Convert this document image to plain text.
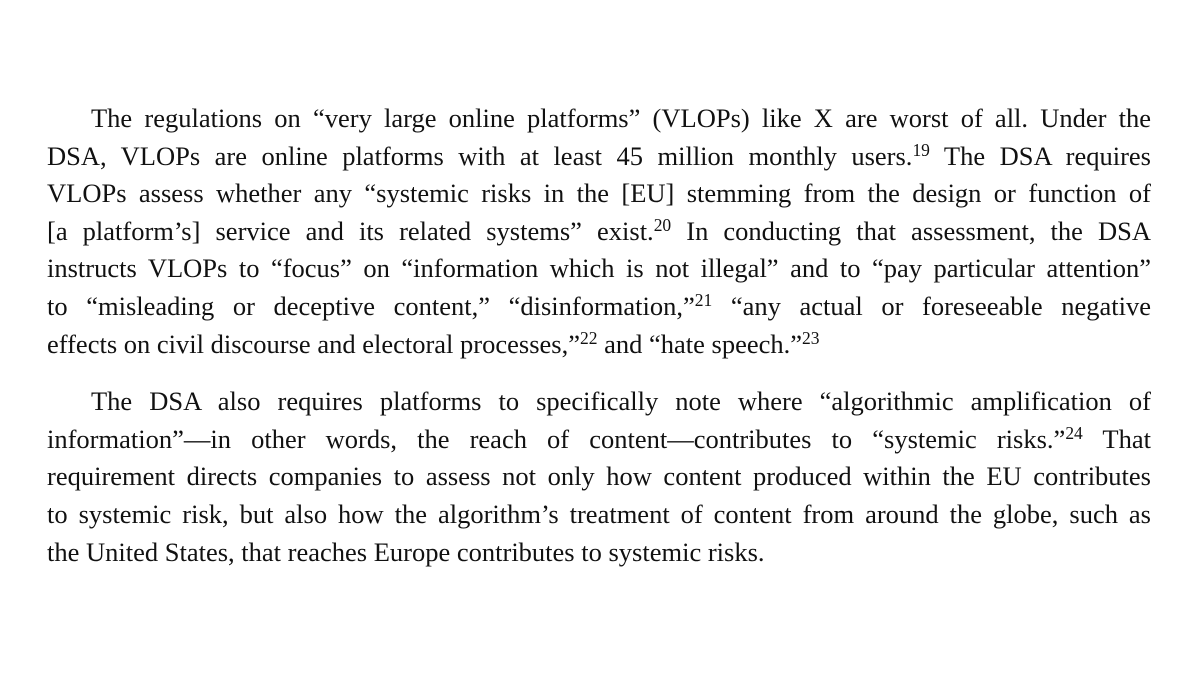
The regulations on “very large online platforms” (VLOPs) like X are worst of all. Under the
DSA, VLOPs are online platforms with at least 45 million monthly users.$^{19}$ The DSA requires
VLOPs assess whether any “systemic risks in the [EU] stemming from the design or function of
[a platform’s] service and its related systems” exist.$^{20}$ In conducting that assessment, the DSA
instructs VLOPs to “focus” on “information which is not illegal” and to “pay particular attention”
to “misleading or deceptive content,” “disinformation,”$^{21}$ “any actual or foreseeable negative
effects on civil discourse and electoral processes,”$^{22}$ and “hate speech.”$^{23}$
The DSA also requires platforms to specifically note where “algorithmic amplification of
information”—in other words, the reach of content—contributes to “systemic risks.”$^{24}$ That
requirement directs companies to assess not only how content produced within the EU contributes
to systemic risk, but also how the algorithm’s treatment of content from around the globe, such as
the United States, that reaches Europe contributes to systemic risks.
